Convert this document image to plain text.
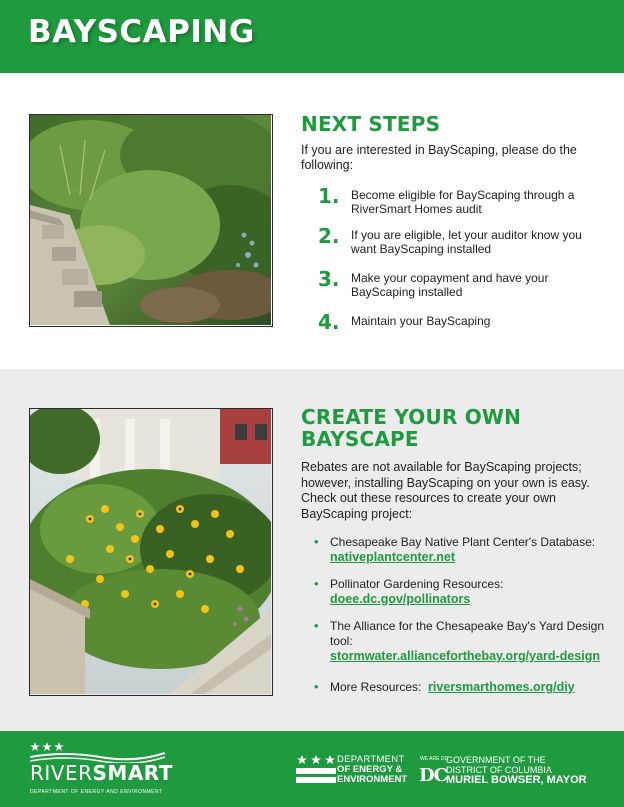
BAYSCAPING
NEXT STEPS
If you are interested in BayScaping, please do the following:
1. Become eligible for BayScaping through a RiverSmart Homes audit
2. If you are eligible, let your auditor know you want BayScaping installed
3. Make your copayment and have your BayScaping installed
4. Maintain your BayScaping
CREATE YOUR OWN
BAYSCAPE
Rebates are not available for BayScaping projects; however, installing BayScaping on your own is easy. Check out these resources to create your own BayScaping project:
• Chesapeake Bay Native Plant Center's Database:
nativeplantcenter.net
• Pollinator Gardening Resources:
doee.dc.gov/pollinators
• The Alliance for the Chesapeake Bay's Yard Design tool:
stormwater.allianceforthebay.org/yard-design
• More Resources: riversmarthomes.org/diy
RIVERSMART
DEPARTMENT OF ENERGY AND ENVIRONMENT
DEPARTMENT
OF ENERGY &
ENVIRONMENT
WE ARE DC
DC
GOVERNMENT OF THE
DISTRICT OF COLUMBIA
MURIEL BOWSER, MAYOR
